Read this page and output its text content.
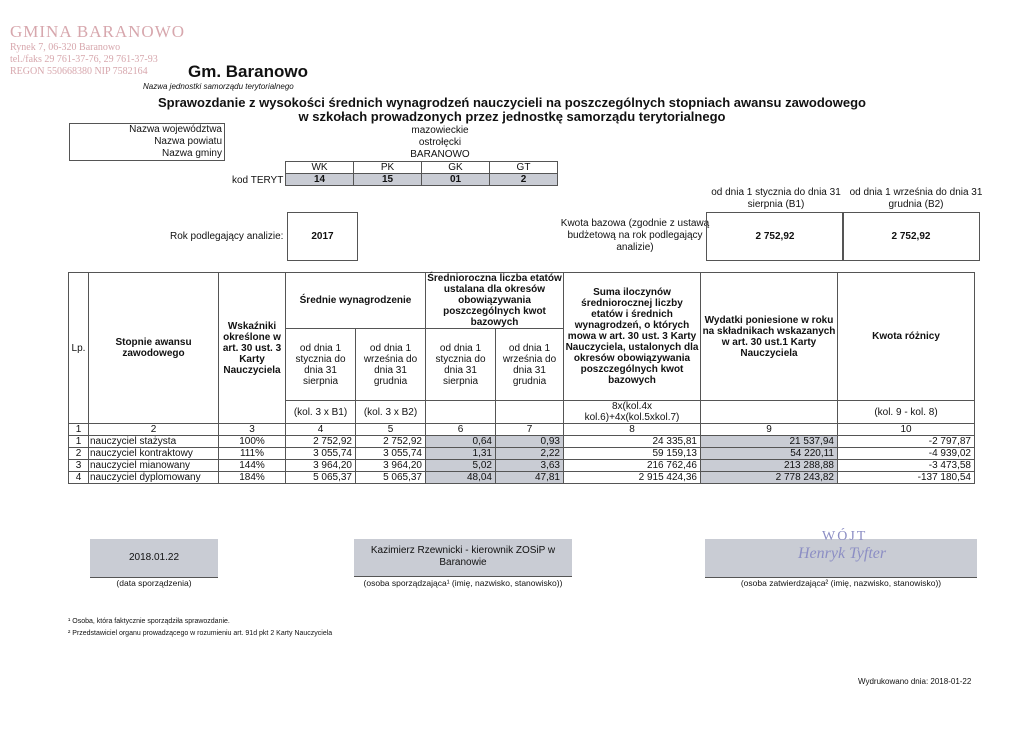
GMINA BARANOWO
Rynek 7, 06-320 Baranowo
tel./faks 29 761-37-76, 29 761-37-93
REGON 550668380 NIP 7582164	Gm. Baranowo
Nazwa jednostki samorządu terytorialnego
Sprawozdanie z wysokości średnich wynagrodzeń nauczycieli na poszczególnych stopniach awansu zawodowego
w szkołach prowadzonych przez jednostkę samorządu terytorialnego
Nazwa województwa
Nazwa powiatu
Nazwa gminy
mazowieckie
ostrołęcki
BARANOWO
WK	PK	GK	GT
14	15	01	2
kod TERYT
Rok podlegający analizie:	2017
Kwota bazowa (zgodnie z ustawą budżetową na rok podlegający analizie)
od dnia 1 stycznia do dnia 31 sierpnia (B1)
od dnia 1 września do dnia 31 grudnia (B2)
2 752,92	2 752,92
Lp.	Stopnie awansu zawodowego	Wskaźniki określone w art. 30 ust. 3 Karty Nauczyciela	Średnie wynagrodzenie		Średnioroczna liczba etatów ustalana dla okresów obowiązywania poszczególnych kwot bazowych		Suma iloczynów średniorocznej liczby etatów i średnich wynagrodzeń, o których mowa w art. 30 ust. 3 Karty Nauczyciela, ustalonych dla okresów obowiązywania poszczególnych kwot bazowych	Wydatki poniesione w roku na składnikach wskazanych w art. 30 ust.1 Karty Nauczyciela	Kwota różnicy
			od dnia 1 stycznia do dnia 31 sierpnia	od dnia 1 września do dnia 31 grudnia	od dnia 1 stycznia do dnia 31 sierpnia	od dnia 1 września do dnia 31 grudnia			
			(kol. 3 x B1)	(kol. 3 x B2)			8x(kol.4x kol.6)+4x(kol.5xkol.7)		(kol. 9 - kol. 8)
1	2	3	4	5	6	7	8	9	10
1	nauczyciel stażysta	100%	2 752,92	2 752,92	0,64	0,93	24 335,81	21 537,94	-2 797,87
2	nauczyciel kontraktowy	111%	3 055,74	3 055,74	1,31	2,22	59 159,13	54 220,11	-4 939,02
3	nauczyciel mianowany	144%	3 964,20	3 964,20	5,02	3,63	216 762,46	213 288,88	-3 473,58
4	nauczyciel dyplomowany	184%	5 065,37	5 065,37	48,04	47,81	2 915 424,36	2 778 243,82	-137 180,54
2018.01.22
(data sporządzenia)
Kazimierz Rzewnicki - kierownik ZOSiP w Baranowie
(osoba sporządzająca¹ (imię, nazwisko, stanowisko))
WÓJT
Henryk Tyfter
(osoba zatwierdzająca² (imię, nazwisko, stanowisko))
¹ Osoba, która faktycznie sporządziła sprawozdanie.
² Przedstawiciel organu prowadzącego w rozumieniu art. 91d pkt 2 Karty Nauczyciela
Wydrukowano dnia: 2018-01-22
